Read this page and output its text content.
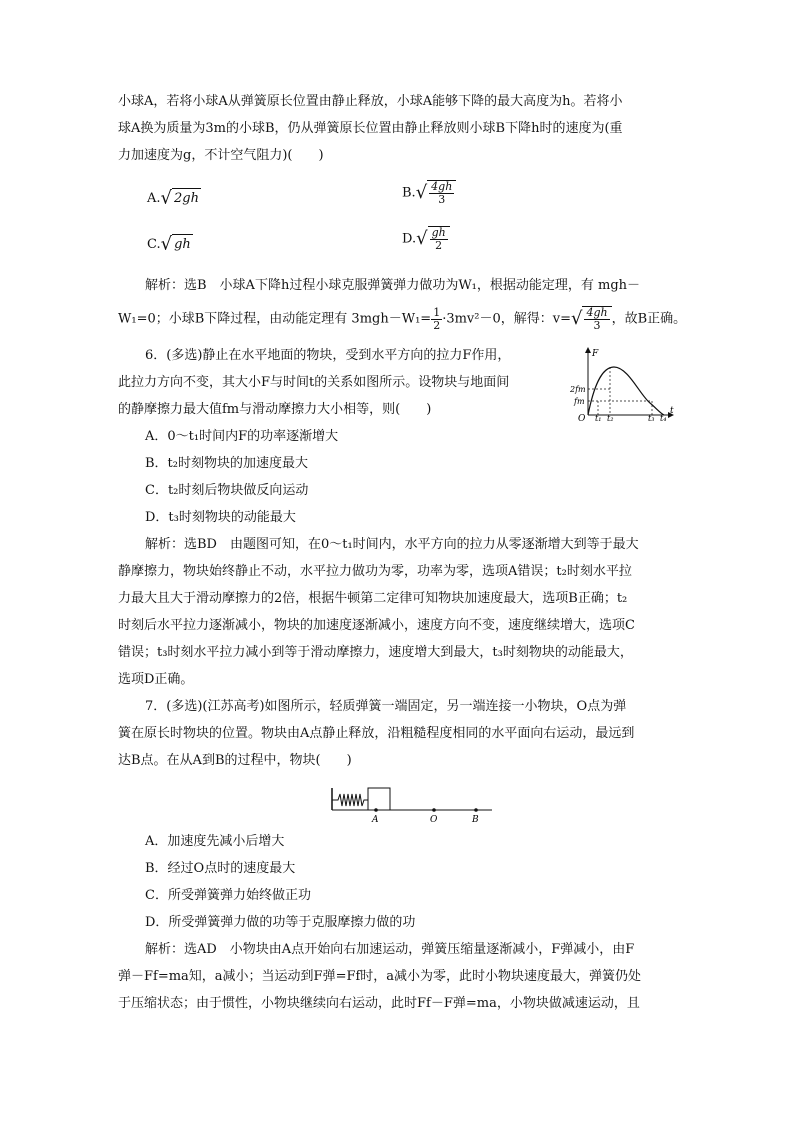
小球A，若将小球A从弹簧原长位置由静止释放，小球A能够下降的最大高度为h。若将小
球A换为质量为3m的小球B，仍从弹簧原长位置由静止释放则小球B下降h时的速度为(重
力加速度为g，不计空气阻力)(　　)
A.√ 2gh	$B.√ \frac{4gh}{3}$
C.√ gh	$D.√ \frac{gh}{2}$
解析：选B　小球A下降h过程小球克服弹簧弹力做功为W₁，根据动能定理，有 mgh－
W₁=0；小球B下降过程，由动能定理有 $3mgh-W_1= \frac{1}{2} \cdot 3mv^2-0$，解得：$v=√ \frac{4gh}{3}$ ，故B正确。
6．(多选)静止在水平地面的物块，受到水平方向的拉力F作用，
此拉力方向不变，其大小F与时间t的关系如图所示。设物块与地面间
的静摩擦力最大值fm与滑动摩擦力大小相等，则(　　)
F
t
O
2fm
fm
t₁ t₂	t₃ t₄
A．0～t₁时间内F的功率逐渐增大
B．t₂时刻物块的加速度最大
C．t₂时刻后物块做反向运动
D．t₃时刻物块的动能最大
解析：选BD　由题图可知，在0～t₁时间内，水平方向的拉力从零逐渐增大到等于最大
静摩擦力，物块始终静止不动，水平拉力做功为零，功率为零，选项A错误；t₂时刻水平拉
力最大且大于滑动摩擦力的2倍，根据牛顿第二定律可知物块加速度最大，选项B正确；t₂
时刻后水平拉力逐渐减小，物块的加速度逐渐减小，速度方向不变，速度继续增大，选项C
错误；t₃时刻水平拉力减小到等于滑动摩擦力，速度增大到最大，t₃时刻物块的动能最大，
选项D正确。
7．(多选)(江苏高考)如图所示，轻质弹簧一端固定，另一端连接一小物块，O点为弹
簧在原长时物块的位置。物块由A点静止释放，沿粗糙程度相同的水平面向右运动，最远到
达B点。在从A到B的过程中，物块(　　)
A	O	B
A．加速度先减小后增大
B．经过O点时的速度最大
C．所受弹簧弹力始终做正功
D．所受弹簧弹力做的功等于克服摩擦力做的功
解析：选AD　小物块由A点开始向右加速运动，弹簧压缩量逐渐减小，F弹减小，由F
弹－Ff=ma知，a减小；当运动到F弹=Ff时，a减小为零，此时小物块速度最大，弹簧仍处
于压缩状态；由于惯性，小物块继续向右运动，此时Ff－F弹=ma，小物块做减速运动，且
